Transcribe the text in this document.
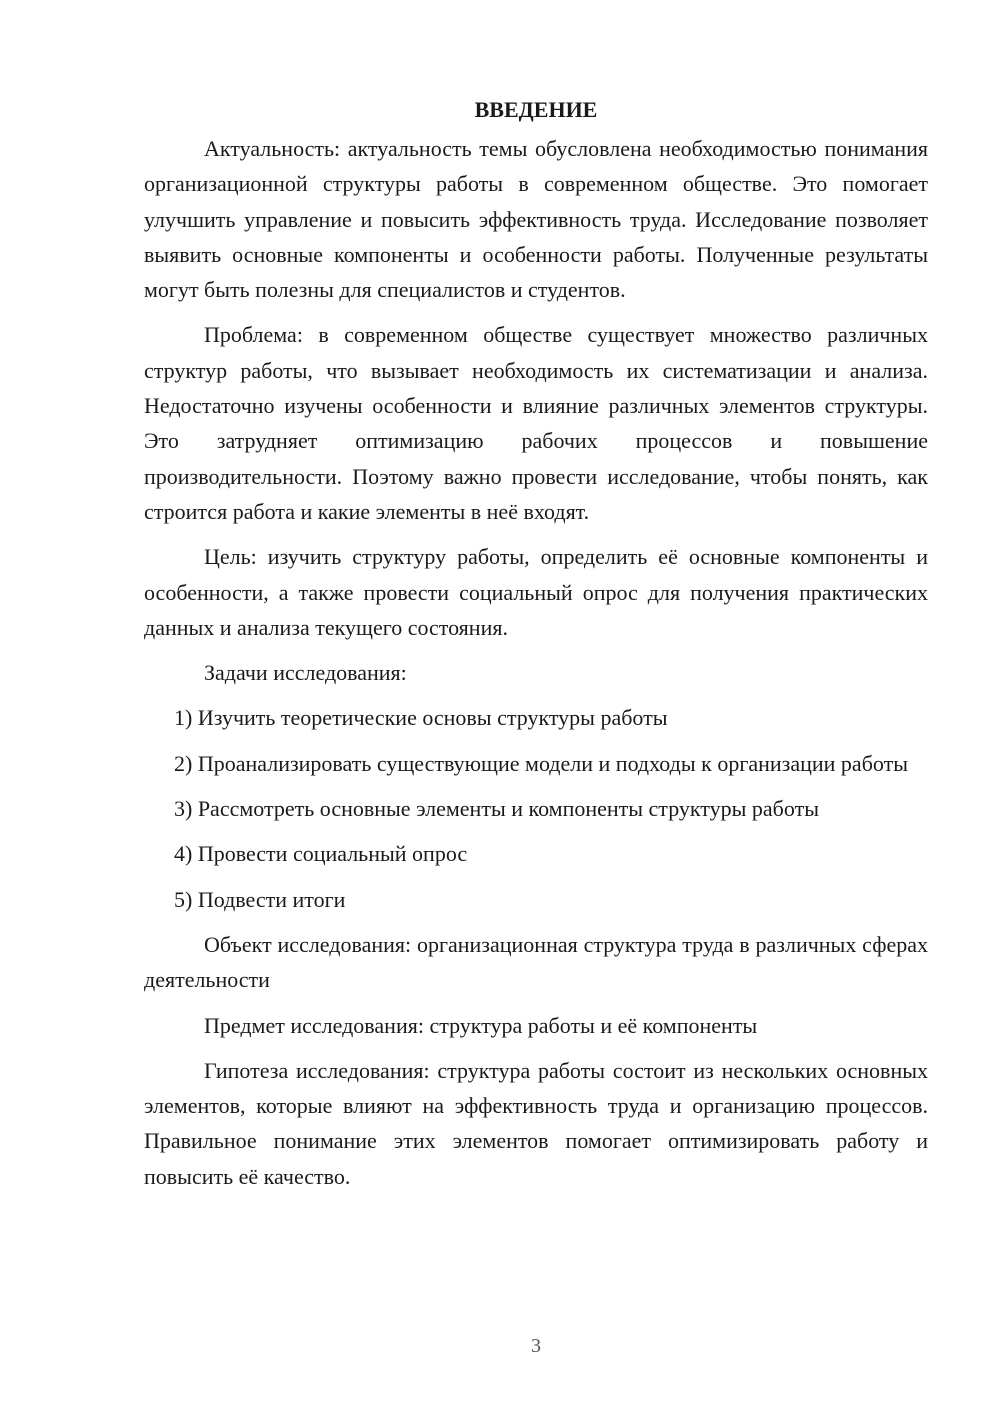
ВВЕДЕНИЕ

Актуальность: актуальность темы обусловлена необходимостью понимания организационной структуры работы в современном обществе. Это помогает улучшить управление и повысить эффективность труда. Исследование позволяет выявить основные компоненты и особенности работы. Полученные результаты могут быть полезны для специалистов и студентов.

Проблема: в современном обществе существует множество различных структур работы, что вызывает необходимость их систематизации и анализа. Недостаточно изучены особенности и влияние различных элементов структуры. Это затрудняет оптимизацию рабочих процессов и повышение производительности. Поэтому важно провести исследование, чтобы понять, как строится работа и какие элементы в неё входят.

Цель: изучить структуру работы, определить её основные компоненты и особенности, а также провести социальный опрос для получения практических данных и анализа текущего состояния.

Задачи исследования:

1) Изучить теоретические основы структуры работы

2) Проанализировать существующие модели и подходы к организации работы

3) Рассмотреть основные элементы и компоненты структуры работы

4) Провести социальный опрос

5) Подвести итоги

Объект исследования: организационная структура труда в различных сферах деятельности

Предмет исследования: структура работы и её компоненты

Гипотеза исследования: структура работы состоит из нескольких основных элементов, которые влияют на эффективность труда и организацию процессов. Правильное понимание этих элементов помогает оптимизировать работу и повысить её качество.

3
